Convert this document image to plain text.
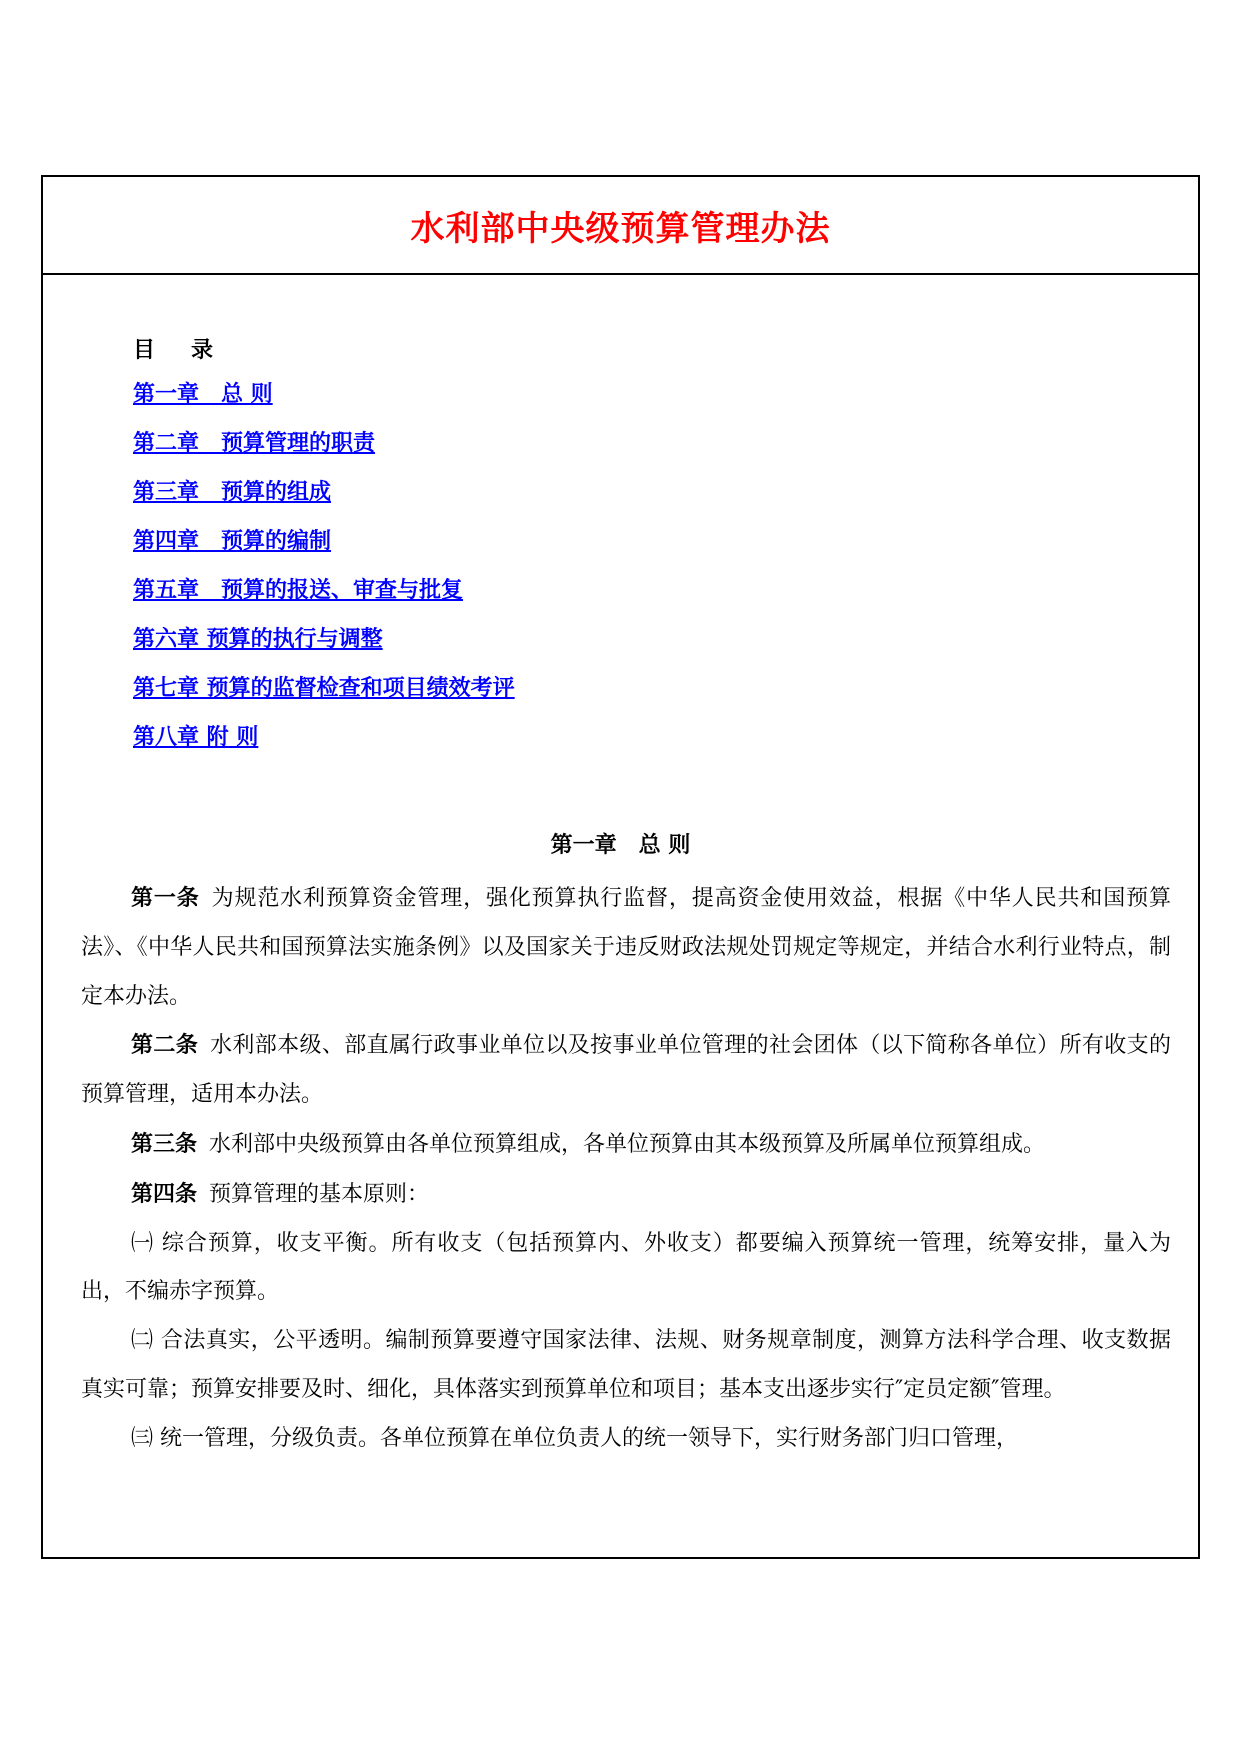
水利部中央级预算管理办法

目 录

第一章　总 则
第二章　预算管理的职责
第三章　预算的组成
第四章　预算的编制
第五章　预算的报送、审查与批复
第六章 预算的执行与调整
第七章 预算的监督检查和项目绩效考评
第八章 附 则
第一章　总 则

第一条 为规范水利预算资金管理，强化预算执行监督，提高资金使用效益，根据《中华人民共和国预算法》、《中华人民共和国预算法实施条例》以及国家关于违反财政法规处罚规定等规定，并结合水利行业特点，制定本办法。

第二条 水利部本级、部直属行政事业单位以及按事业单位管理的社会团体（以下简称各单位）所有收支的预算管理，适用本办法。

第三条 水利部中央级预算由各单位预算组成，各单位预算由其本级预算及所属单位预算组成。

第四条 预算管理的基本原则：

㈠ 综合预算，收支平衡。所有收支（包括预算内、外收支）都要编入预算统一管理，统筹安排，量入为出，不编赤字预算。

㈡ 合法真实，公平透明。编制预算要遵守国家法律、法规、财务规章制度，测算方法科学合理、收支数据真实可靠；预算安排要及时、细化，具体落实到预算单位和项目；基本支出逐步实行″定员定额″管理。

㈢ 统一管理，分级负责。各单位预算在单位负责人的统一领导下，实行财务部门归口管理，
